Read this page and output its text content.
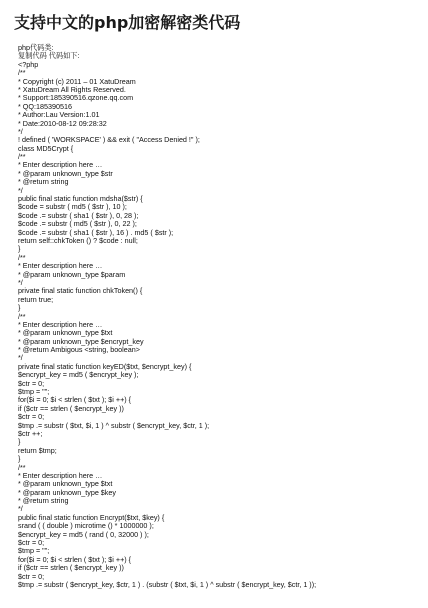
支持中文的php加密解密类代码
php代码类:
复制代码 代码如下:
<?php
/**
* Copyright (c) 2011 – 01 XatuDream
* XatuDream All Rights Reserved.
* Support:185390516.qzone.qq.com
* QQ:185390516
* Author:Lau Version:1.01
* Date:2010-08-12 09:28:32
*/
! defined ( 'WORKSPACE' ) && exit ( "Access Denied !" );
class MD5Crypt {
/**
* Enter description here …
* @param unknown_type $str
* @return string
*/
public final static function mdsha($str) {
$code = substr ( md5 ( $str ), 10 );
$code .= substr ( sha1 ( $str ), 0, 28 );
$code .= substr ( md5 ( $str ), 0, 22 );
$code .= substr ( sha1 ( $str ), 16 ) . md5 ( $str );
return self::chkToken () ? $code : null;
}
/**
* Enter description here …
* @param unknown_type $param
*/
private final static function chkToken() {
return true;
}
/**
* Enter description here …
* @param unknown_type $txt
* @param unknown_type $encrypt_key
* @return Ambigous <string, boolean>
*/
private final static function keyED($txt, $encrypt_key) {
$encrypt_key = md5 ( $encrypt_key );
$ctr = 0;
$tmp = "";
for($i = 0; $i < strlen ( $txt ); $i ++) {
if ($ctr == strlen ( $encrypt_key ))
$ctr = 0;
$tmp .= substr ( $txt, $i, 1 ) ^ substr ( $encrypt_key, $ctr, 1 );
$ctr ++;
}
return $tmp;
}
/**
* Enter description here …
* @param unknown_type $txt
* @param unknown_type $key
* @return string
*/
public final static function Encrypt($txt, $key) {
srand ( ( double ) microtime () * 1000000 );
$encrypt_key = md5 ( rand ( 0, 32000 ) );
$ctr = 0;
$tmp = "";
for($i = 0; $i < strlen ( $txt ); $i ++) {
if ($ctr == strlen ( $encrypt_key ))
$ctr = 0;
$tmp .= substr ( $encrypt_key, $ctr, 1 ) . (substr ( $txt, $i, 1 ) ^ substr ( $encrypt_key, $ctr, 1 ));
